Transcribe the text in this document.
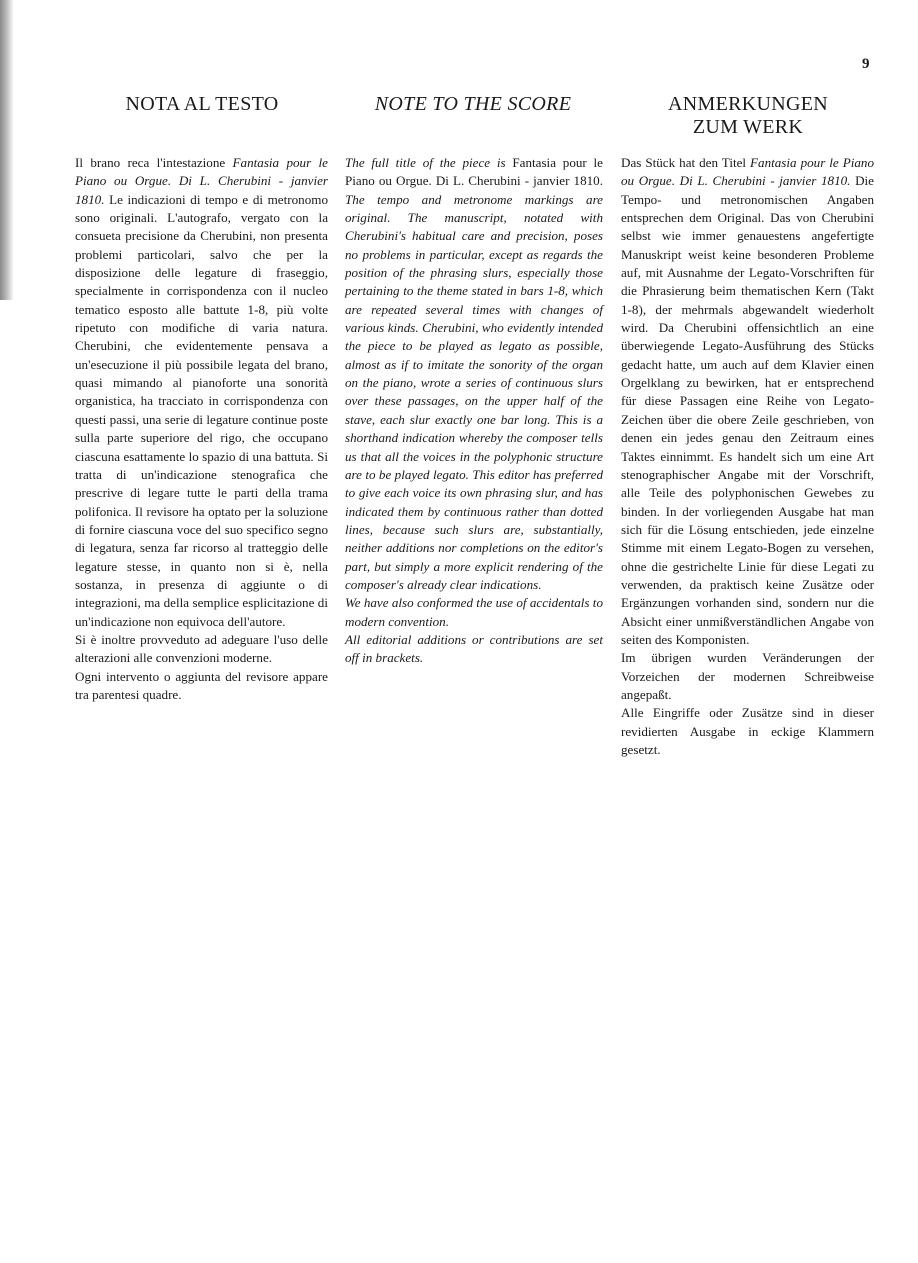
9
NOTA AL TESTO	NOTE TO THE SCORE	ANMERKUNGEN
ZUM WERK

Il brano reca l'intestazione Fantasia pour le Piano ou Orgue. Di L. Cherubini - janvier 1810. Le indicazioni di tempo e di metronomo sono originali. L'autografo, vergato con la consueta precisione da Cherubini, non presenta problemi particolari, salvo che per la disposizione delle legature di fraseggio, specialmente in corrispondenza con il nucleo tematico esposto alle battute 1-8, più volte ripetuto con modifiche di varia natura. Cherubini, che evidentemente pensava a un'esecuzione il più possibile legata del brano, quasi mimando al pianoforte una sonorità organistica, ha tracciato in corrispondenza con questi passi, una serie di legature continue poste sulla parte superiore del rigo, che occupano ciascuna esattamente lo spazio di una battuta. Si tratta di un'indicazione stenografica che prescrive di legare tutte le parti della trama polifonica. Il revisore ha optato per la soluzione di fornire ciascuna voce del suo specifico segno di legatura, senza far ricorso al tratteggio delle legature stesse, in quanto non si è, nella sostanza, in presenza di aggiunte o di integrazioni, ma della semplice esplicitazione di un'indicazione non equivoca dell'autore.

Si è inoltre provveduto ad adeguare l'uso delle alterazioni alle convenzioni moderne.

Ogni intervento o aggiunta del revisore appare tra parentesi quadre.

The full title of the piece is Fantasia pour le Piano ou Orgue. Di L. Cherubini - janvier 1810. The tempo and metronome markings are original. The manuscript, notated with Cherubini's habitual care and precision, poses no problems in particular, except as regards the position of the phrasing slurs, especially those pertaining to the theme stated in bars 1-8, which are repeated several times with changes of various kinds. Cherubini, who evidently intended the piece to be played as legato as possible, almost as if to imitate the sonority of the organ on the piano, wrote a series of continuous slurs over these passages, on the upper half of the stave, each slur exactly one bar long. This is a shorthand indication whereby the composer tells us that all the voices in the polyphonic structure are to be played legato. This editor has preferred to give each voice its own phrasing slur, and has indicated them by continuous rather than dotted lines, because such slurs are, substantially, neither additions nor completions on the editor's part, but simply a more explicit rendering of the composer's already clear indications.

We have also conformed the use of accidentals to modern convention.

All editorial additions or contributions are set off in brackets.

Das Stück hat den Titel Fantasia pour le Piano ou Orgue. Di L. Cherubini - janvier 1810. Die Tempo- und metronomischen Angaben entsprechen dem Original. Das von Cherubini selbst wie immer genauestens angefertigte Manuskript weist keine besonderen Probleme auf, mit Ausnahme der Legato-Vorschriften für die Phrasierung beim thematischen Kern (Takt 1-8), der mehrmals abgewandelt wiederholt wird. Da Cherubini offensichtlich an eine überwiegende Legato-Ausführung des Stücks gedacht hatte, um auch auf dem Klavier einen Orgelklang zu bewirken, hat er entsprechend für diese Passagen eine Reihe von Legato-Zeichen über die obere Zeile geschrieben, von denen ein jedes genau den Zeitraum eines Taktes einnimmt. Es handelt sich um eine Art stenographischer Angabe mit der Vorschrift, alle Teile des polyphonischen Gewebes zu binden. In der vorliegenden Ausgabe hat man sich für die Lösung entschieden, jede einzelne Stimme mit einem Legato-Bogen zu versehen, ohne die gestrichelte Linie für diese Legati zu verwenden, da praktisch keine Zusätze oder Ergänzungen vorhanden sind, sondern nur die Absicht einer unmißverständlichen Angabe von seiten des Komponisten.

Im übrigen wurden Veränderungen der Vorzeichen der modernen Schreibweise angepaßt.

Alle Eingriffe oder Zusätze sind in dieser revidierten Ausgabe in eckige Klammern gesetzt.
